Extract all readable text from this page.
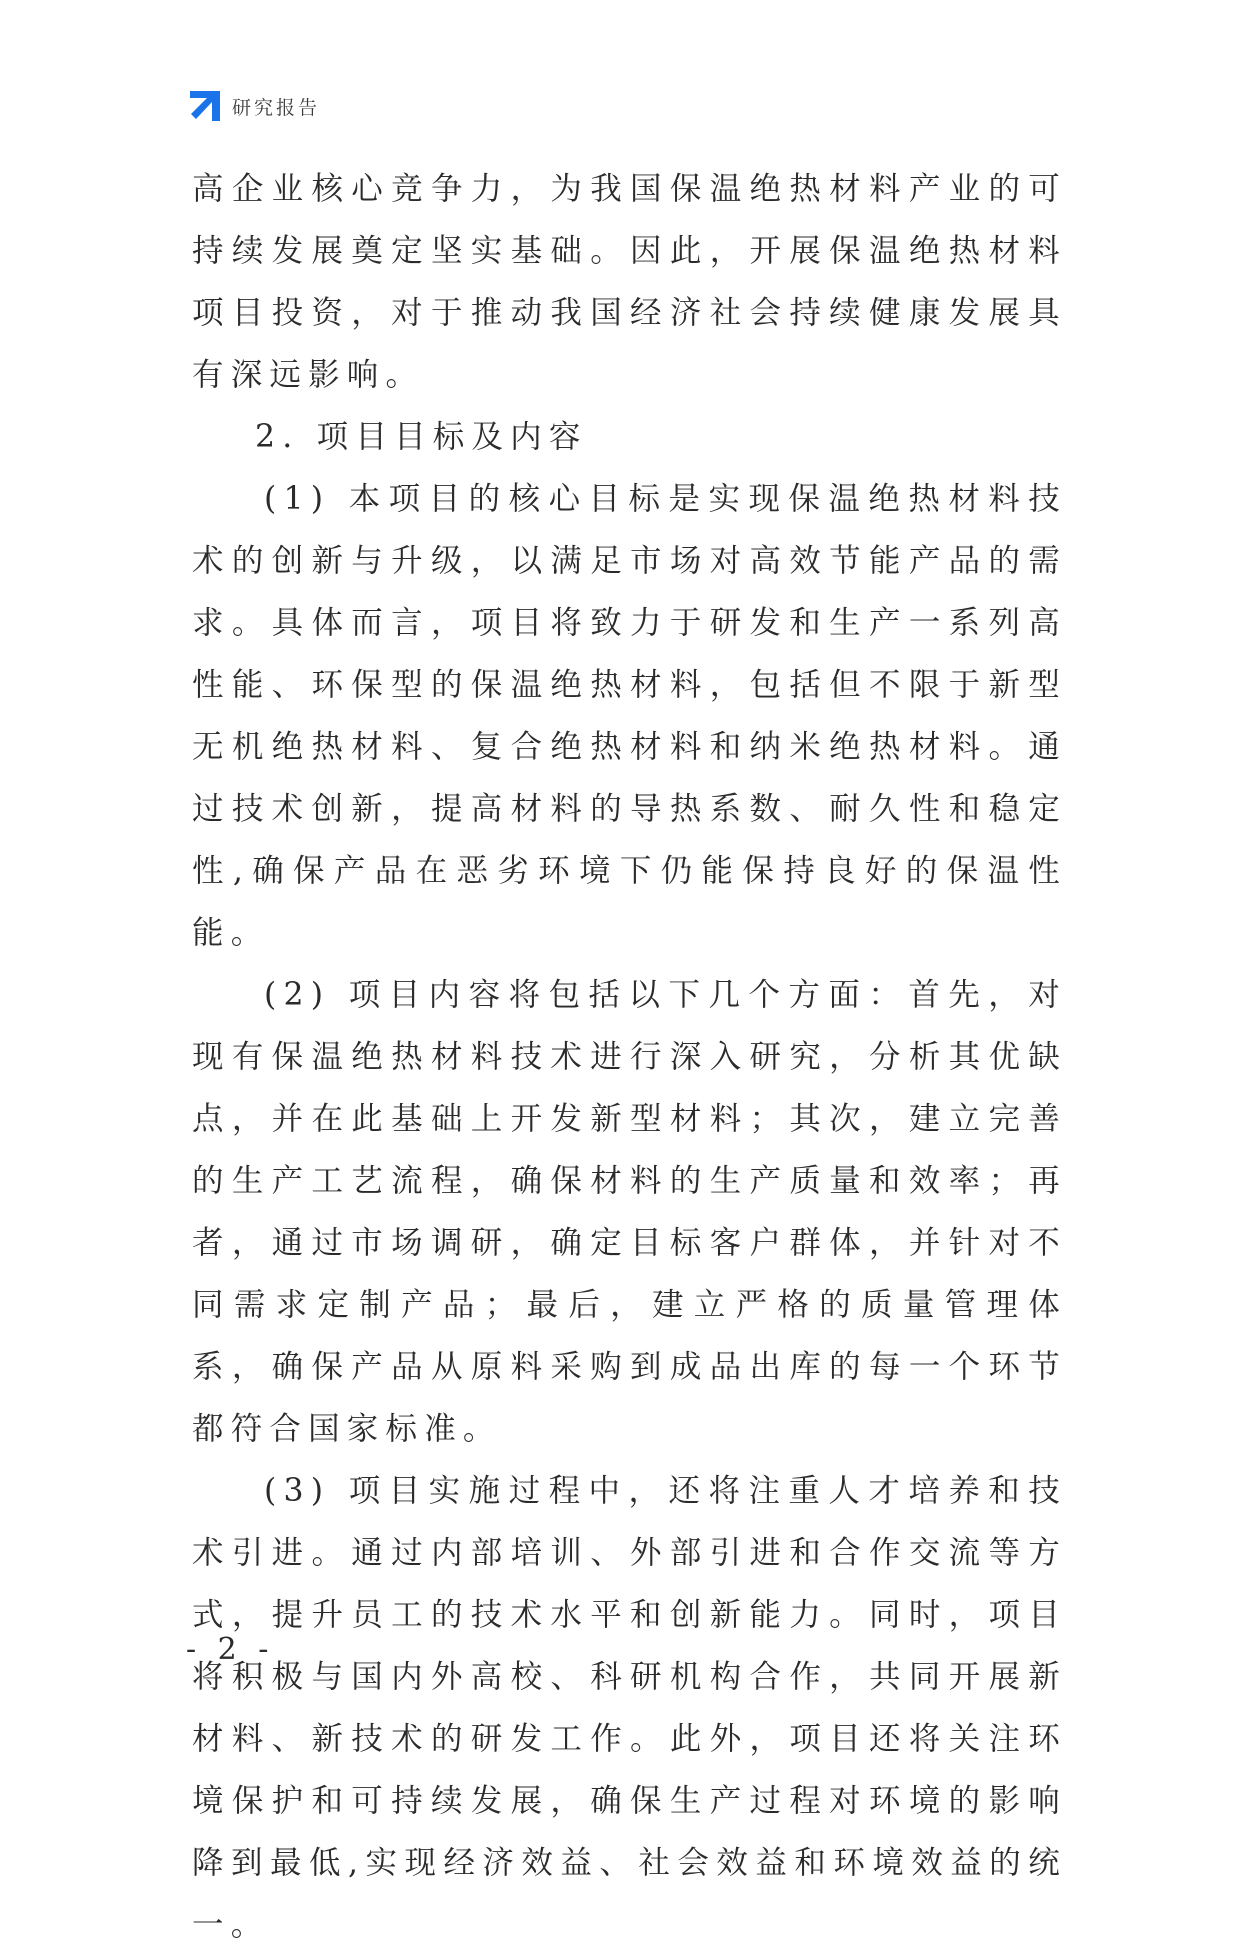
研究报告

高企业核心竞争力，为我国保温绝热材料产业的可持续发展奠定坚实基础。因此，开展保温绝热材料项目投资，对于推动我国经济社会持续健康发展具有深远影响。

2. 项目目标及内容

(1) 本项目的核心目标是实现保温绝热材料技术的创新与升级，以满足市场对高效节能产品的需求。具体而言，项目将致力于研发和生产一系列高性能、环保型的保温绝热材料，包括但不限于新型无机绝热材料、复合绝热材料和纳米绝热材料。通过技术创新，提高材料的导热系数、耐久性和稳定性,确保产品在恶劣环境下仍能保持良好的保温性能。

(2) 项目内容将包括以下几个方面：首先，对现有保温绝热材料技术进行深入研究，分析其优缺点，并在此基础上开发新型材料；其次，建立完善的生产工艺流程，确保材料的生产质量和效率；再者，通过市场调研，确定目标客户群体，并针对不同需求定制产品；最后，建立严格的质量管理体系，确保产品从原料采购到成品出库的每一个环节都符合国家标准。

(3) 项目实施过程中，还将注重人才培养和技术引进。通过内部培训、外部引进和合作交流等方式，提升员工的技术水平和创新能力。同时，项目将积极与国内外高校、科研机构合作，共同开展新材料、新技术的研发工作。此外，项目还将关注环境保护和可持续发展，确保生产过程对环境的影响降到最低,实现经济效益、社会效益和环境效益的统一。

- 2 -
